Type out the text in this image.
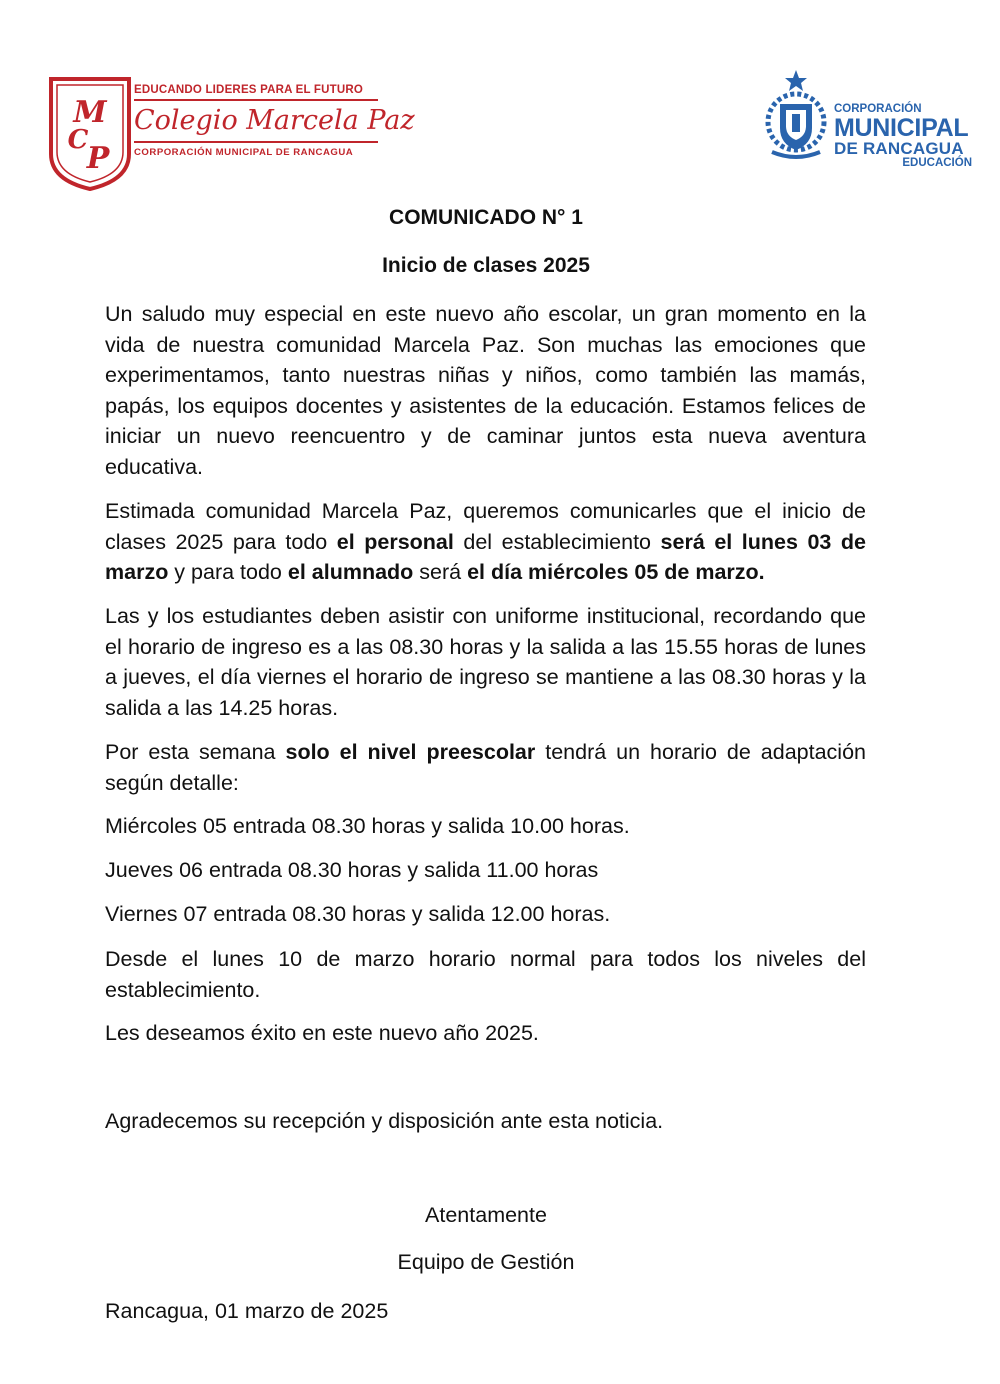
M
C
P
EDUCANDO LIDERES PARA EL FUTURO
Colegio Marcela Paz
CORPORACIÓN MUNICIPAL DE RANCAGUA
CORPORACIÓN
MUNICIPAL
DE RANCAGUA
EDUCACIÓN
COMUNICADO N° 1
Inicio de clases 2025

Un saludo muy especial en este nuevo año escolar, un gran momento en la vida de nuestra comunidad Marcela Paz. Son muchas las emociones que experimentamos, tanto nuestras niñas y niños, como también las mamás, papás, los equipos docentes y asistentes de la educación. Estamos felices de iniciar un nuevo reencuentro y de caminar juntos esta nueva aventura educativa.

Estimada comunidad Marcela Paz, queremos comunicarles que el inicio de clases 2025 para todo el personal del establecimiento será el lunes 03 de marzo y para todo el alumnado será el día miércoles 05 de marzo.

Las y los estudiantes deben asistir con uniforme institucional, recordando que el horario de ingreso es a las 08.30 horas y la salida a las 15.55 horas de lunes a jueves, el día viernes el horario de ingreso se mantiene a las 08.30 horas y la salida a las 14.25 horas.

Por esta semana solo el nivel preescolar tendrá un horario de adaptación según detalle:

Miércoles 05 entrada 08.30 horas y salida 10.00 horas.
Jueves 06 entrada 08.30 horas y salida 11.00 horas
Viernes 07 entrada 08.30 horas y salida 12.00 horas.

Desde el lunes 10 de marzo horario normal para todos los niveles del establecimiento.

Les deseamos éxito en este nuevo año 2025.
Agradecemos su recepción y disposición ante esta noticia.
Atentamente
Equipo de Gestión
Rancagua, 01 marzo de 2025
